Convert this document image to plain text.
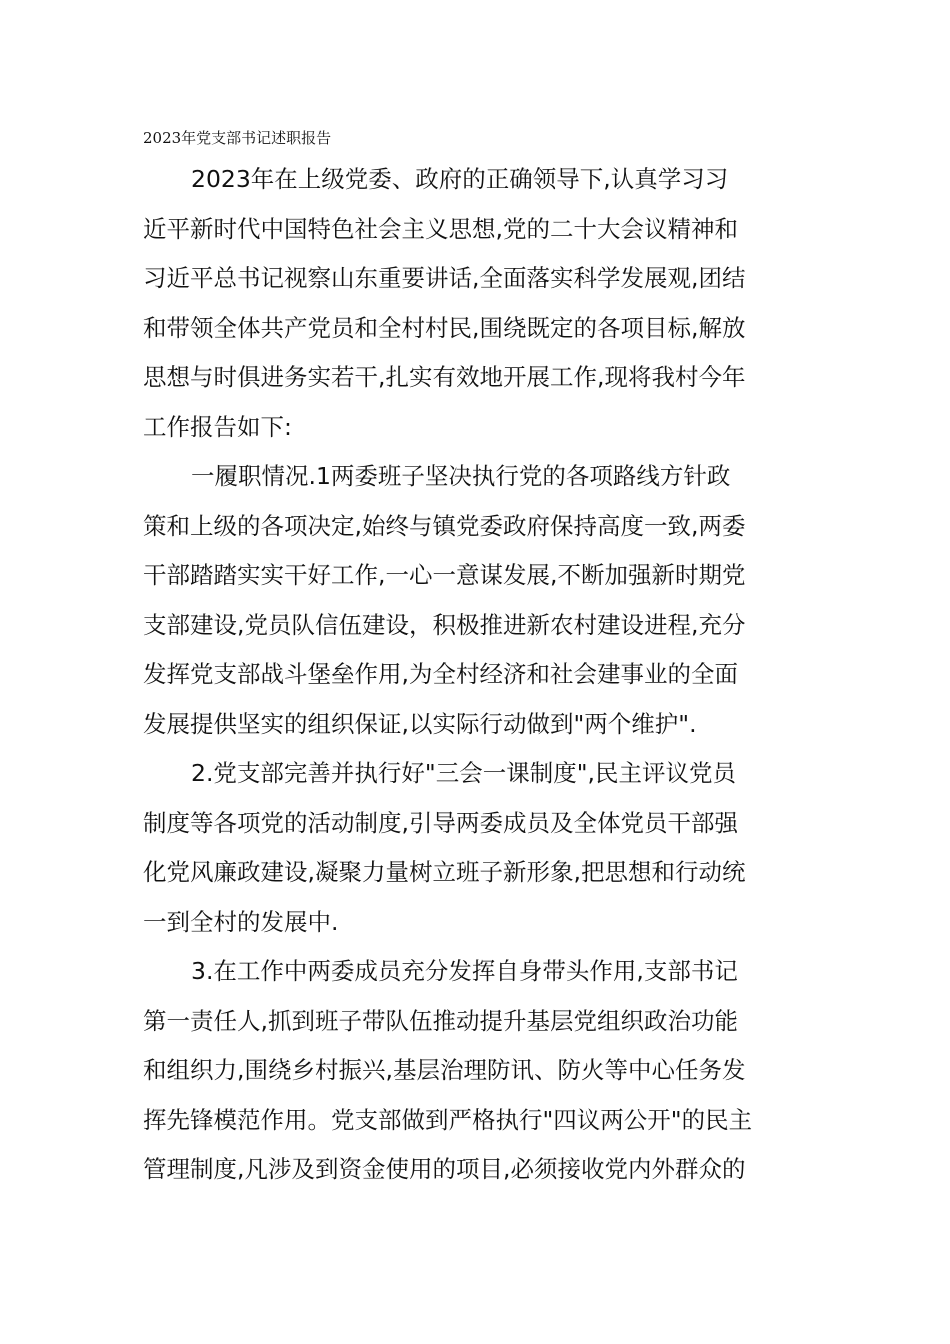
2023年党支部书记述职报告
2023年在上级党委、政府的正确领导下,认真学习习
近平新时代中国特色社会主义思想,党的二十大会议精神和
习近平总书记视察山东重要讲话,全面落实科学发展观,团结
和带领全体共产党员和全村村民,围绕既定的各项目标,解放
思想与时俱进务实若干,扎实有效地开展工作,现将我村今年
工作报告如下:
一履职情况.1两委班子坚决执行党的各项路线方针政
策和上级的各项决定,始终与镇党委政府保持高度一致,两委
干部踏踏实实干好工作,一心一意谋发展,不断加强新时期党
支部建设,党员队信伍建设，积极推进新农村建设进程,充分
发挥党支部战斗堡垒作用,为全村经济和社会建事业的全面
发展提供坚实的组织保证,以实际行动做到"两个维护".
2.党支部完善并执行好"三会一课制度",民主评议党员
制度等各项党的活动制度,引导两委成员及全体党员干部强
化党风廉政建设,凝聚力量树立班子新形象,把思想和行动统
一到全村的发展中.
3.在工作中两委成员充分发挥自身带头作用,支部书记
第一责任人,抓到班子带队伍推动提升基层党组织政治功能
和组织力,围绕乡村振兴,基层治理防讯、防火等中心任务发
挥先锋模范作用。党支部做到严格执行"四议两公开"的民主
管理制度,凡涉及到资金使用的项目,必须接收党内外群众的
